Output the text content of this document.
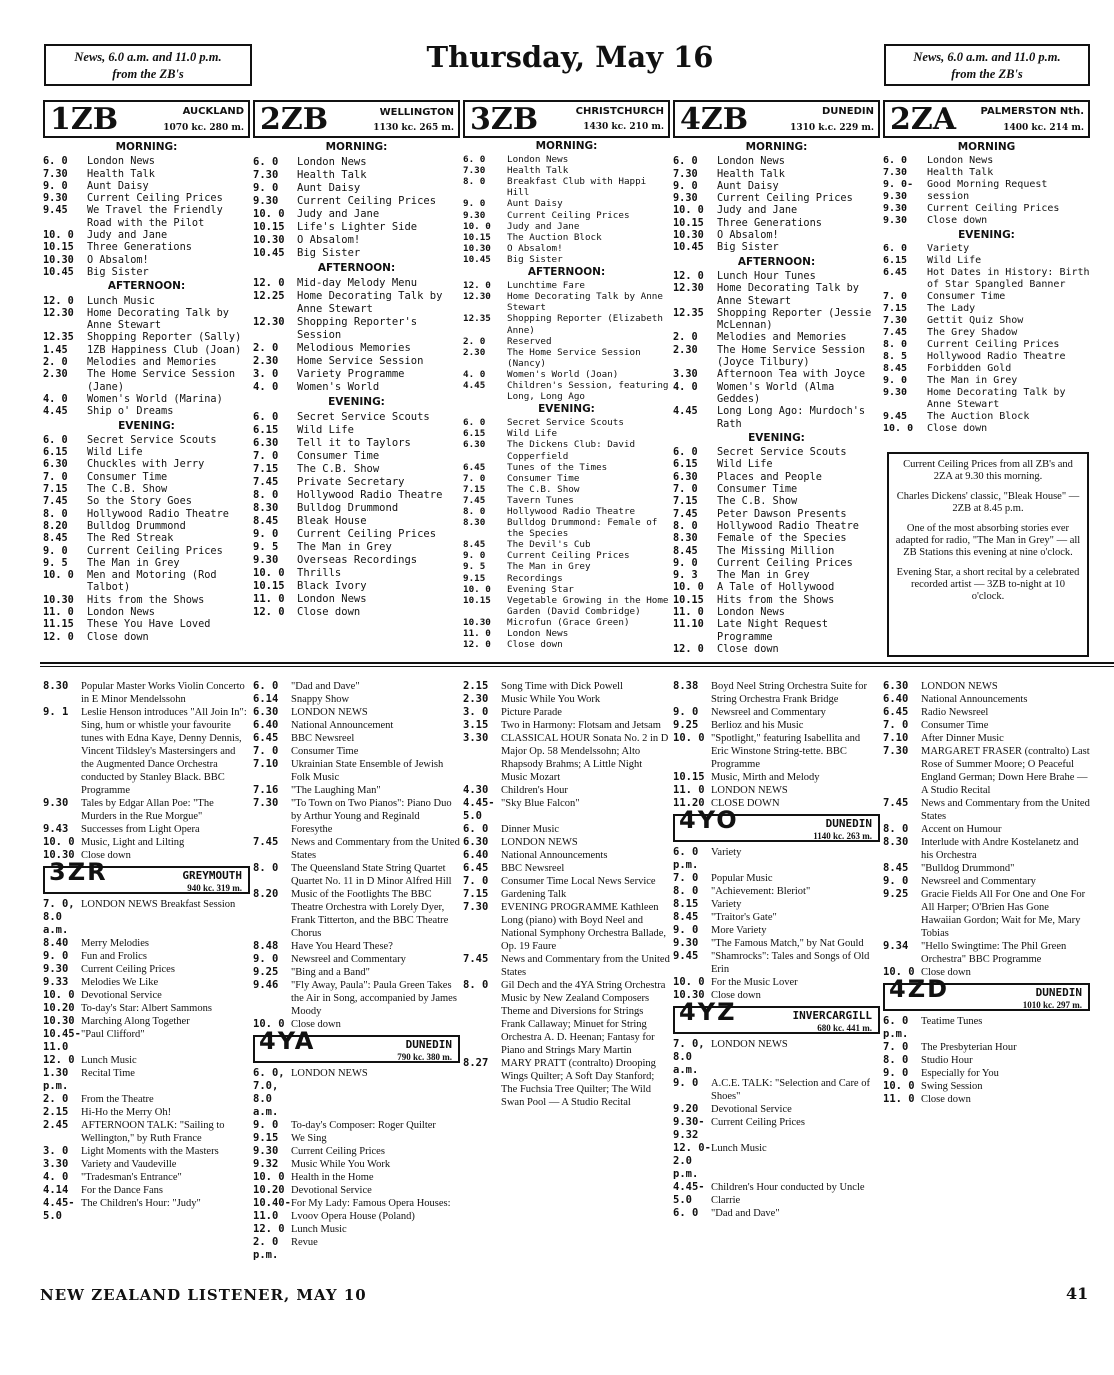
News, 6.0 a.m. and 11.0 p.m.
from the ZB's	Thursday, May 16	News, 6.0 a.m. and 11.0 p.m.
from the ZB's
1ZB	AUCKLAND
1070 kc. 280 m.
MORNING:
6. 0	London News
7.30	Health Talk
9. 0	Aunt Daisy
9.30	Current Ceiling Prices
9.45	We Travel the Friendly Road with the Pilot
10. 0	Judy and Jane
10.15	Three Generations
10.30	O Absalom!
10.45	Big Sister
AFTERNOON:
12. 0	Lunch Music
12.30	Home Decorating Talk by Anne Stewart
12.35	Shopping Reporter (Sally)
1.45	1ZB Happiness Club (Joan)
2. 0	Melodies and Memories
2.30	The Home Service Session (Jane)
4. 0	Women's World (Marina)
4.45	Ship o' Dreams
EVENING:
6. 0	Secret Service Scouts
6.15	Wild Life
6.30	Chuckles with Jerry
7. 0	Consumer Time
7.15	The C.B. Show
7.45	So the Story Goes
8. 0	Hollywood Radio Theatre
8.20	Bulldog Drummond
8.45	The Red Streak
9. 0	Current Ceiling Prices
9. 5	The Man in Grey
10. 0	Men and Motoring (Rod Talbot)
10.30	Hits from the Shows
11. 0	London News
11.15	These You Have Loved
12. 0	Close down
2ZB	WELLINGTON
1130 kc. 265 m.
MORNING:
6. 0	London News
7.30	Health Talk
9. 0	Aunt Daisy
9.30	Current Ceiling Prices
10. 0	Judy and Jane
10.15	Life's Lighter Side
10.30	O Absalom!
10.45	Big Sister
AFTERNOON:
12. 0	Mid-day Melody Menu
12.25	Home Decorating Talk by Anne Stewart
12.30	Shopping Reporter's Session
2. 0	Melodious Memories
2.30	Home Service Session
3. 0	Variety Programme
4. 0	Women's World
EVENING:
6. 0	Secret Service Scouts
6.15	Wild Life
6.30	Tell it to Taylors
7. 0	Consumer Time
7.15	The C.B. Show
7.45	Private Secretary
8. 0	Hollywood Radio Theatre
8.30	Bulldog Drummond
8.45	Bleak House
9. 0	Current Ceiling Prices
9. 5	The Man in Grey
9.30	Overseas Recordings
10. 0	Thrills
10.15	Black Ivory
11. 0	London News
12. 0	Close down
3ZB	CHRISTCHURCH
1430 kc. 210 m.
MORNING:
6. 0	London News
7.30	Health Talk
8. 0	Breakfast Club with Happi Hill
9. 0	Aunt Daisy
9.30	Current Ceiling Prices
10. 0	Judy and Jane
10.15	The Auction Block
10.30	O Absalom!
10.45	Big Sister
AFTERNOON:
12. 0	Lunchtime Fare
12.30	Home Decorating Talk by Anne Stewart
12.35	Shopping Reporter (Elizabeth Anne)
2. 0	Reserved
2.30	The Home Service Session (Nancy)
4. 0	Women's World (Joan)
4.45	Children's Session, featuring Long, Long Ago
EVENING:
6. 0	Secret Service Scouts
6.15	Wild Life
6.30	The Dickens Club: David Copperfield
6.45	Tunes of the Times
7. 0	Consumer Time
7.15	The C.B. Show
7.45	Tavern Tunes
8. 0	Hollywood Radio Theatre
8.30	Bulldog Drummond: Female of the Species
8.45	The Devil's Cub
9. 0	Current Ceiling Prices
9. 5	The Man in Grey
9.15	Recordings
10. 0	Evening Star
10.15	Vegetable Growing in the Home Garden (David Combridge)
10.30	Microfun (Grace Green)
11. 0	London News
12. 0	Close down
4ZB	DUNEDIN
1310 k.c. 229 m.
MORNING:
6. 0	London News
7.30	Health Talk
9. 0	Aunt Daisy
9.30	Current Ceiling Prices
10. 0	Judy and Jane
10.15	Three Generations
10.30	O Absalom!
10.45	Big Sister
AFTERNOON:
12. 0	Lunch Hour Tunes
12.30	Home Decorating Talk by Anne Stewart
12.35	Shopping Reporter (Jessie McLennan)
2. 0	Melodies and Memories
2.30	The Home Service Session (Joyce Tilbury)
3.30	Afternoon Tea with Joyce
4. 0	Women's World (Alma Geddes)
4.45	Long Long Ago: Murdoch's Rath
EVENING:
6. 0	Secret Service Scouts
6.15	Wild Life
6.30	Places and People
7. 0	Consumer Time
7.15	The C.B. Show
7.45	Peter Dawson Presents
8. 0	Hollywood Radio Theatre
8.30	Female of the Species
8.45	The Missing Million
9. 0	Current Ceiling Prices
9. 3	The Man in Grey
10. 0	A Tale of Hollywood
10.15	Hits from the Shows
11. 0	London News
11.10	Late Night Request Programme
12. 0	Close down
2ZA PALMERSTON Nth.
1400 kc. 214 m.
MORNING
6. 0	London News
7.30	Health Talk
9. 0-9.30
Good Morning Request session
9.30	Current Ceiling Prices
9.30	Close down
EVENING:
6. 0	Variety
6.15	Wild Life
6.45	Hot Dates in History: Birth of Star Spangled Banner
7. 0	Consumer Time
7.15	The Lady
7.30	Gettit Quiz Show
7.45	The Grey Shadow
8. 0	Current Ceiling Prices
8. 5	Hollywood Radio Theatre
8.45	Forbidden Gold
9. 0	The Man in Grey
9.30	Home Decorating Talk by Anne Stewart
9.45	The Auction Block
10. 0	Close down
Current Ceiling Prices from all ZB's and 2ZA at 9.30 this morning.
Charles Dickens' classic, "Bleak House" — 2ZB at 8.45 p.m.
One of the most absorbing stories ever adapted for radio, "The Man in Grey" — all ZB Stations this evening at nine o'clock.
Evening Star, a short recital by a celebrated recorded artist — 3ZB to-night at 10 o'clock.
8.30	Popular Master Works Violin Concerto in E Minor Mendelssohn
9. 1	Leslie Henson introduces "All Join In": Sing, hum or whistle your favourite tunes with Edna Kaye, Denny Dennis, Vincent Tildsley's Mastersingers and the Augmented Dance Orchestra conducted by Stanley Black. BBC Programme
9.30	Tales by Edgar Allan Poe: "The Murders in the Rue Morgue"
9.43	Successes from Light Opera
10. 0 Music, Light and Lilting
10.30 Close down
3ZR	GREYMOUTH
940 kc. 319 m.
7. 0, 8.0 a.m.
LONDON NEWS Breakfast Session
8.40	Merry Melodies
9. 0	Fun and Frolics
9.30	Current Ceiling Prices
9.33	Melodies We Like
10. 0 Devotional Service
10.20 To-day's Star: Albert Sammons
10.30 Marching Along Together
10.45-11.0
"Paul Clifford"
12. 0 Lunch Music
1.30 p.m.
Recital Time
2. 0	From the Theatre
2.15	Hi-Ho the Merry Oh!
2.45	AFTERNOON TALK: "Sailing to Wellington," by Ruth France
3. 0	Light Moments with the Masters
3.30	Variety and Vaudeville
4. 0	"Tradesman's Entrance"
4.14	For the Dance Fans
4.45-5.0
The Children's Hour: "Judy"
6. 0	"Dad and Dave"
6.14	Snappy Show
6.30	LONDON NEWS
6.40	National Announcement
6.45	BBC Newsreel
7. 0	Consumer Time
7.10	Ukrainian State Ensemble of Jewish Folk Music
7.16	"The Laughing Man"
7.30	"To Town on Two Pianos": Piano Duo by Arthur Young and Reginald Foresythe
7.45	News and Commentary from the United States
8. 0	The Queensland State String Quartet Quartet No. 11 in D Minor Alfred Hill
8.20	Music of the Footlights The BBC Theatre Orchestra with Lorely Dyer, Frank Titterton, and the BBC Theatre Chorus
8.48	Have You Heard These?
9. 0	Newsreel and Commentary
9.25	"Bing and a Band"
9.46	"Fly Away, Paula": Paula Green Takes the Air in Song, accompanied by James Moody
10. 0 Close down
4YA	DUNEDIN
790 kc. 380 m.
6. 0, 7.0, 8.0 a.m.
LONDON NEWS
9. 0	To-day's Composer: Roger Quilter
9.15	We Sing
9.30	Current Ceiling Prices
9.32	Music While You Work
10. 0 Health in the Home
10.20 Devotional Service
10.40-11.0
For My Lady: Famous Opera Houses: Lvoov Opera House (Poland)
12. 0 Lunch Music
2. 0 p.m.
Revue
2.15	Song Time with Dick Powell
2.30	Music While You Work
3. 0	Picture Parade
3.15	Two in Harmony: Flotsam and Jetsam
3.30	CLASSICAL HOUR Sonata No. 2 in D Major Op. 58 Mendelssohn; Alto Rhapsody Brahms; A Little Night Music Mozart
4.30	Children's Hour
4.45-5.0
"Sky Blue Falcon"
6. 0	Dinner Music
6.30	LONDON NEWS
6.40	National Announcements
6.45	BBC Newsreel
7. 0	Consumer Time Local News Service
7.15	Gardening Talk
7.30	EVENING PROGRAMME Kathleen Long (piano) with Boyd Neel and National Symphony Orchestra Ballade, Op. 19 Faure
7.45	News and Commentary from the United States
8. 0	Gil Dech and the 4YA String Orchestra Music by New Zealand Composers Theme and Diversions for Strings Frank Callaway; Minuet for String Orchestra A. D. Heenan; Fantasy for Piano and Strings Mary Martin
8.27	MARY PRATT (contralto) Drooping Wings Quilter; A Soft Day Stanford; The Fuchsia Tree Quilter; The Wild Swan Pool — A Studio Recital
8.38	Boyd Neel String Orchestra Suite for String Orchestra Frank Bridge
9. 0	Newsreel and Commentary
9.25	Berlioz and his Music
10. 0 "Spotlight," featuring Isabellita and Eric Winstone String-tette. BBC Programme
10.15 Music, Mirth and Melody
11. 0 LONDON NEWS
11.20 CLOSE DOWN
4YO	DUNEDIN
1140 kc. 263 m.
6. 0 p.m.
Variety
7. 0	Popular Music
8. 0	"Achievement: Bleriot"
8.15	Variety
8.45	"Traitor's Gate"
9. 0	More Variety
9.30	"The Famous Match," by Nat Gould
9.45	"Shamrocks": Tales and Songs of Old Erin
10. 0 For the Music Lover
10.30 Close down
4YZ	INVERCARGILL
680 kc. 441 m.
7. 0, 8.0 a.m.
LONDON NEWS
9. 0	A.C.E. TALK: "Selection and Care of Shoes"
9.20	Devotional Service
9.30-9.32
Current Ceiling Prices
12. 0-2.0 p.m.
Lunch Music
4.45-5.0
Children's Hour conducted by Uncle Clarrie
6. 0	"Dad and Dave"
6.30	LONDON NEWS
6.40	National Announcements
6.45	Radio Newsreel
7. 0	Consumer Time
7.10	After Dinner Music
7.30	MARGARET FRASER (contralto) Last Rose of Summer Moore; O Peaceful England German; Down Here Brahe — A Studio Recital
7.45	News and Commentary from the United States
8. 0	Accent on Humour
8.30	Interlude with Andre Kostelanetz and his Orchestra
8.45	"Bulldog Drummond"
9. 0	Newsreel and Commentary
9.25	Gracie Fields All For One and One For All Harper; O'Brien Has Gone Hawaiian Gordon; Wait for Me, Mary Tobias
9.34	"Hello Swingtime: The Phil Green Orchestra" BBC Programme
10. 0 Close down
4ZD	DUNEDIN
1010 kc. 297 m.
6. 0 p.m.
Teatime Tunes
7. 0	The Presbyterian Hour
8. 0	Studio Hour
9. 0	Especially for You
10. 0 Swing Session
11. 0 Close down
NEW ZEALAND LISTENER, MAY 10	41
